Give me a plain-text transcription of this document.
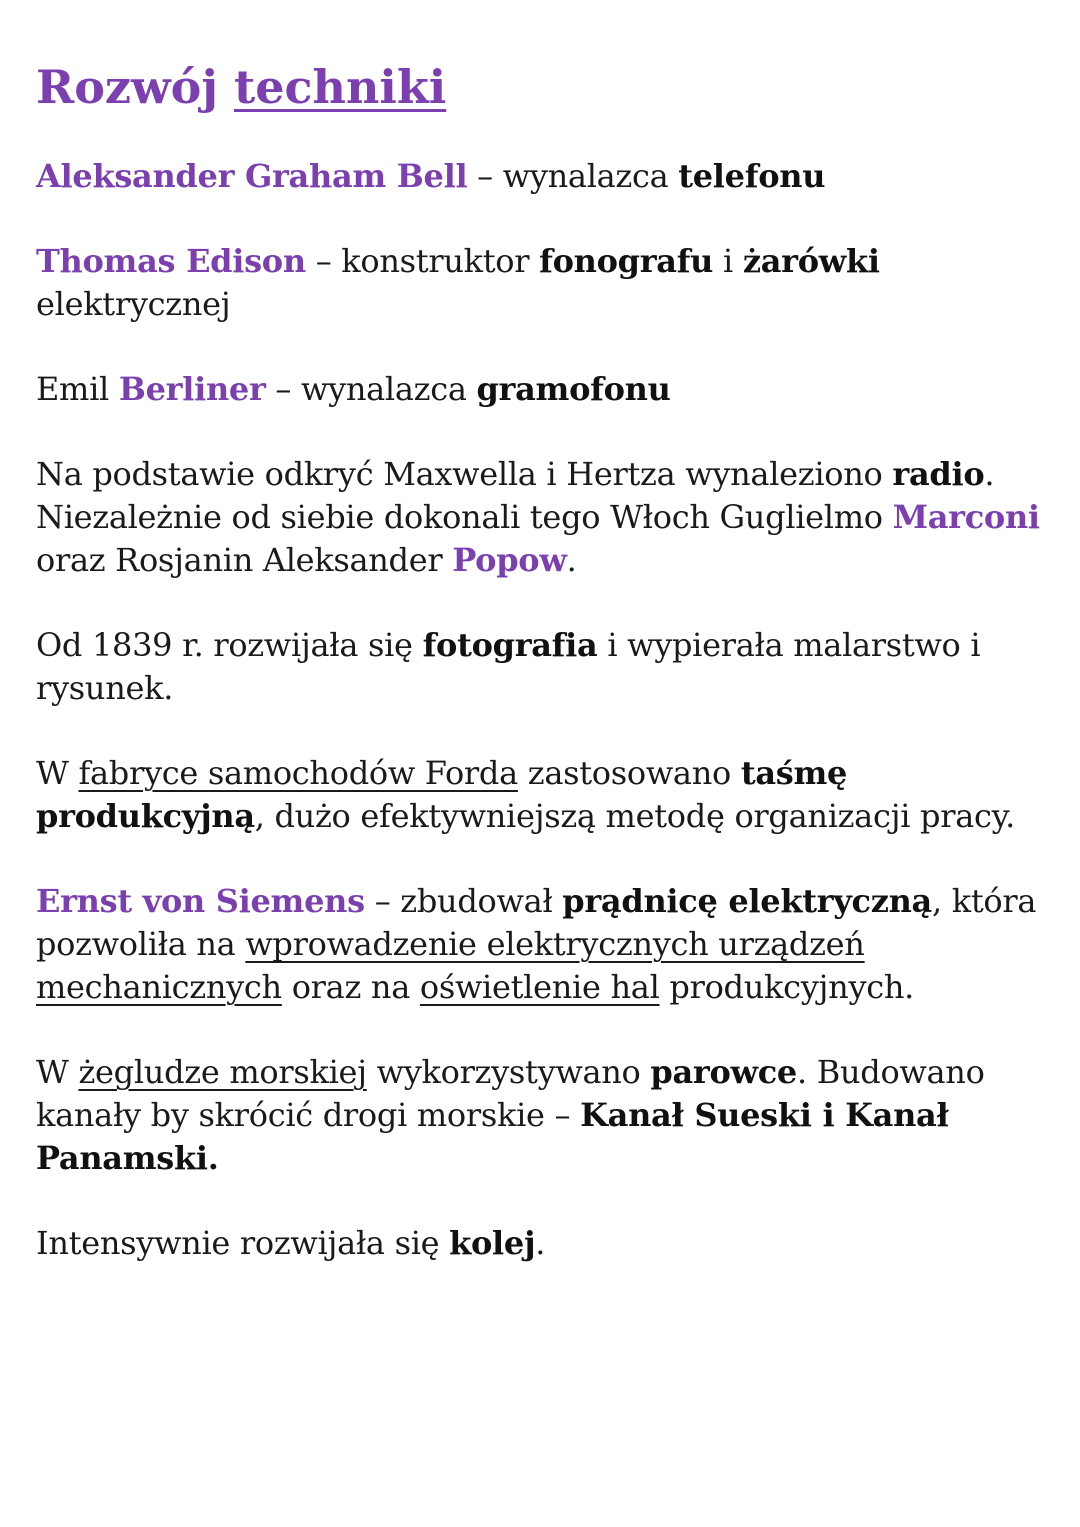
Rozwój techniki

Aleksander Graham Bell – wynalazca telefonu

Thomas Edison – konstruktor fonografu i żarówki elektrycznej

Emil Berliner – wynalazca gramofonu

Na podstawie odkryć Maxwella i Hertza wynaleziono radio. Niezależnie od siebie dokonali tego Włoch Guglielmo Marconi oraz Rosjanin Aleksander Popow.

Od 1839 r. rozwijała się fotografia i wypierała malarstwo i rysunek.

W fabryce samochodów Forda zastosowano taśmę produkcyjną, dużo efektywniejszą metodę organizacji pracy.

Ernst von Siemens – zbudował prądnicę elektryczną, która pozwoliła na wprowadzenie elektrycznych urządzeń mechanicznych oraz na oświetlenie hal produkcyjnych.

W żegludze morskiej wykorzystywano parowce. Budowano kanały by skrócić drogi morskie – Kanał Sueski i Kanał Panamski.

Intensywnie rozwijała się kolej.
